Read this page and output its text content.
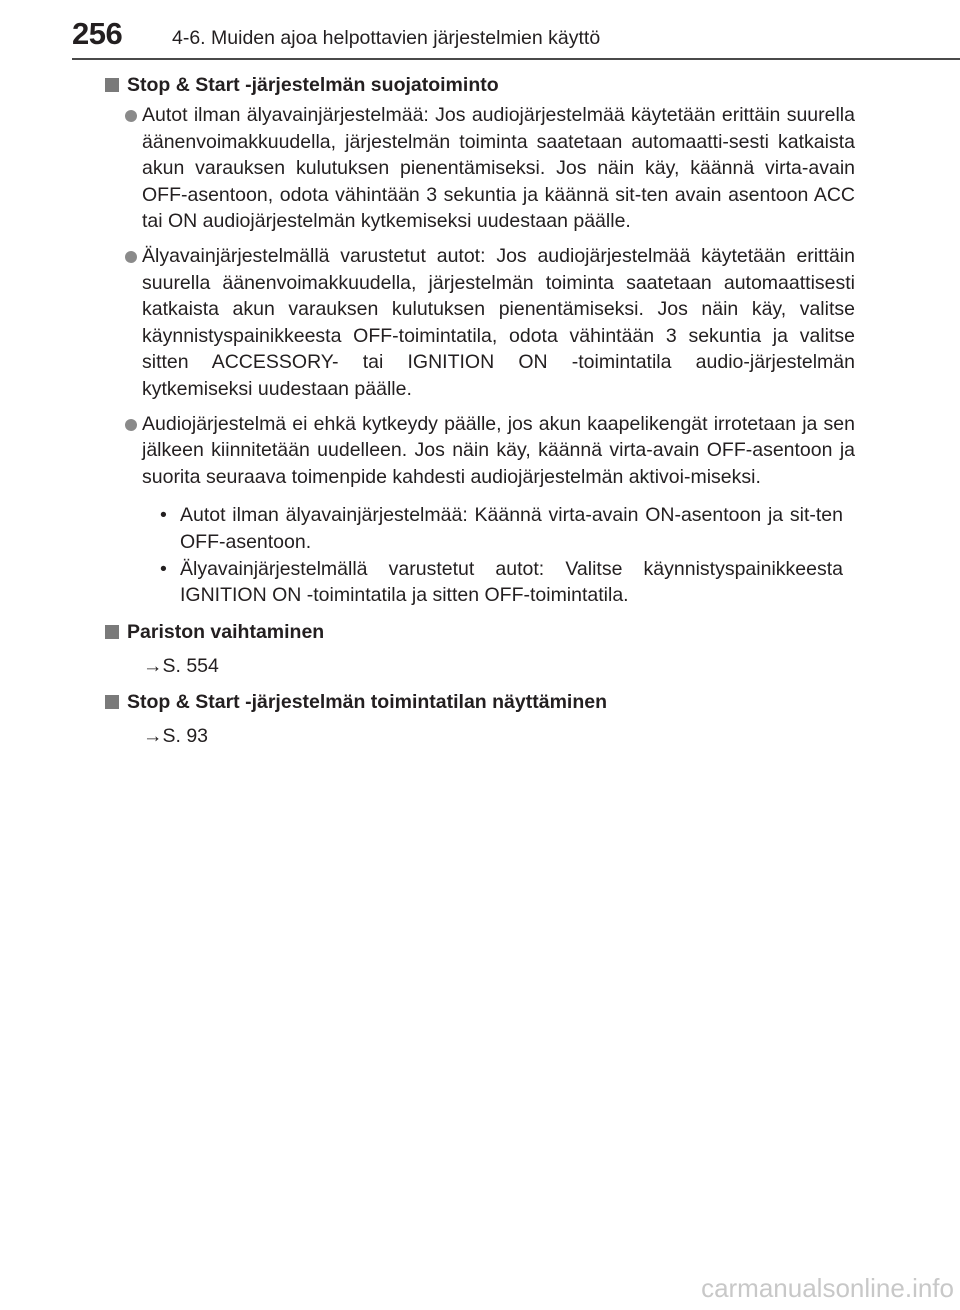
256	4-6. Muiden ajoa helpottavien järjestelmien käyttö
Stop & Start -järjestelmän suojatoiminto
Autot ilman älyavainjärjestelmää: Jos audiojärjestelmää käytetään erittäin suurella äänenvoimakkuudella, järjestelmän toiminta saatetaan automaatti-sesti katkaista akun varauksen kulutuksen pienentämiseksi. Jos näin käy, käännä virta-avain OFF-asentoon, odota vähintään 3 sekuntia ja käännä sit-ten avain asentoon ACC tai ON audiojärjestelmän kytkemiseksi uudestaan päälle.
Älyavainjärjestelmällä varustetut autot: Jos audiojärjestelmää käytetään erittäin suurella äänenvoimakkuudella, järjestelmän toiminta saatetaan automaattisesti katkaista akun varauksen kulutuksen pienentämiseksi. Jos näin käy, valitse käynnistyspainikkeesta OFF-toimintatila, odota vähintään 3 sekuntia ja valitse sitten ACCESSORY- tai IGNITION ON -toimintatila audio-järjestelmän kytkemiseksi uudestaan päälle.
Audiojärjestelmä ei ehkä kytkeydy päälle, jos akun kaapelikengät irrotetaan ja sen jälkeen kiinnitetään uudelleen. Jos näin käy, käännä virta-avain OFF-asentoon ja suorita seuraava toimenpide kahdesti audiojärjestelmän aktivoi-miseksi.
• Autot ilman älyavainjärjestelmää: Käännä virta-avain ON-asentoon ja sit-ten OFF-asentoon.
• Älyavainjärjestelmällä varustetut autot: Valitse käynnistyspainikkeesta IGNITION ON -toimintatila ja sitten OFF-toimintatila.
Pariston vaihtaminen
→S. 554
Stop & Start -järjestelmän toimintatilan näyttäminen
→S. 93
carmanualsonline.info
